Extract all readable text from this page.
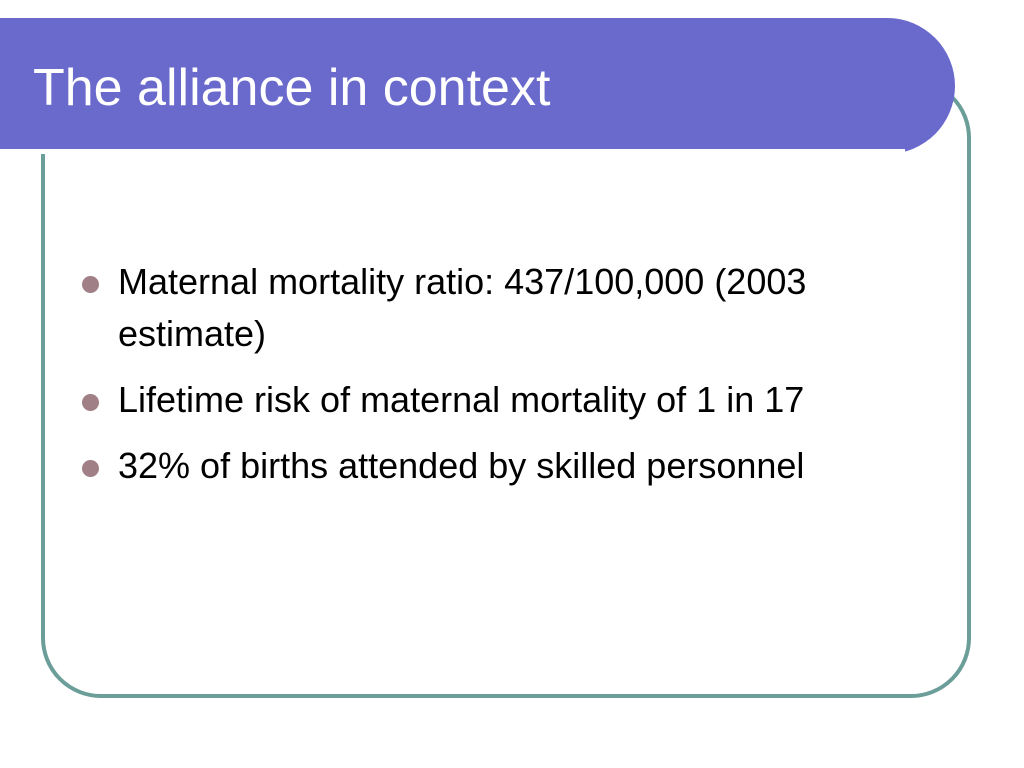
The alliance in context
Maternal mortality ratio: 437/100,000 (2003 estimate)
Lifetime risk of maternal mortality of 1 in 17
32% of births attended by skilled personnel
